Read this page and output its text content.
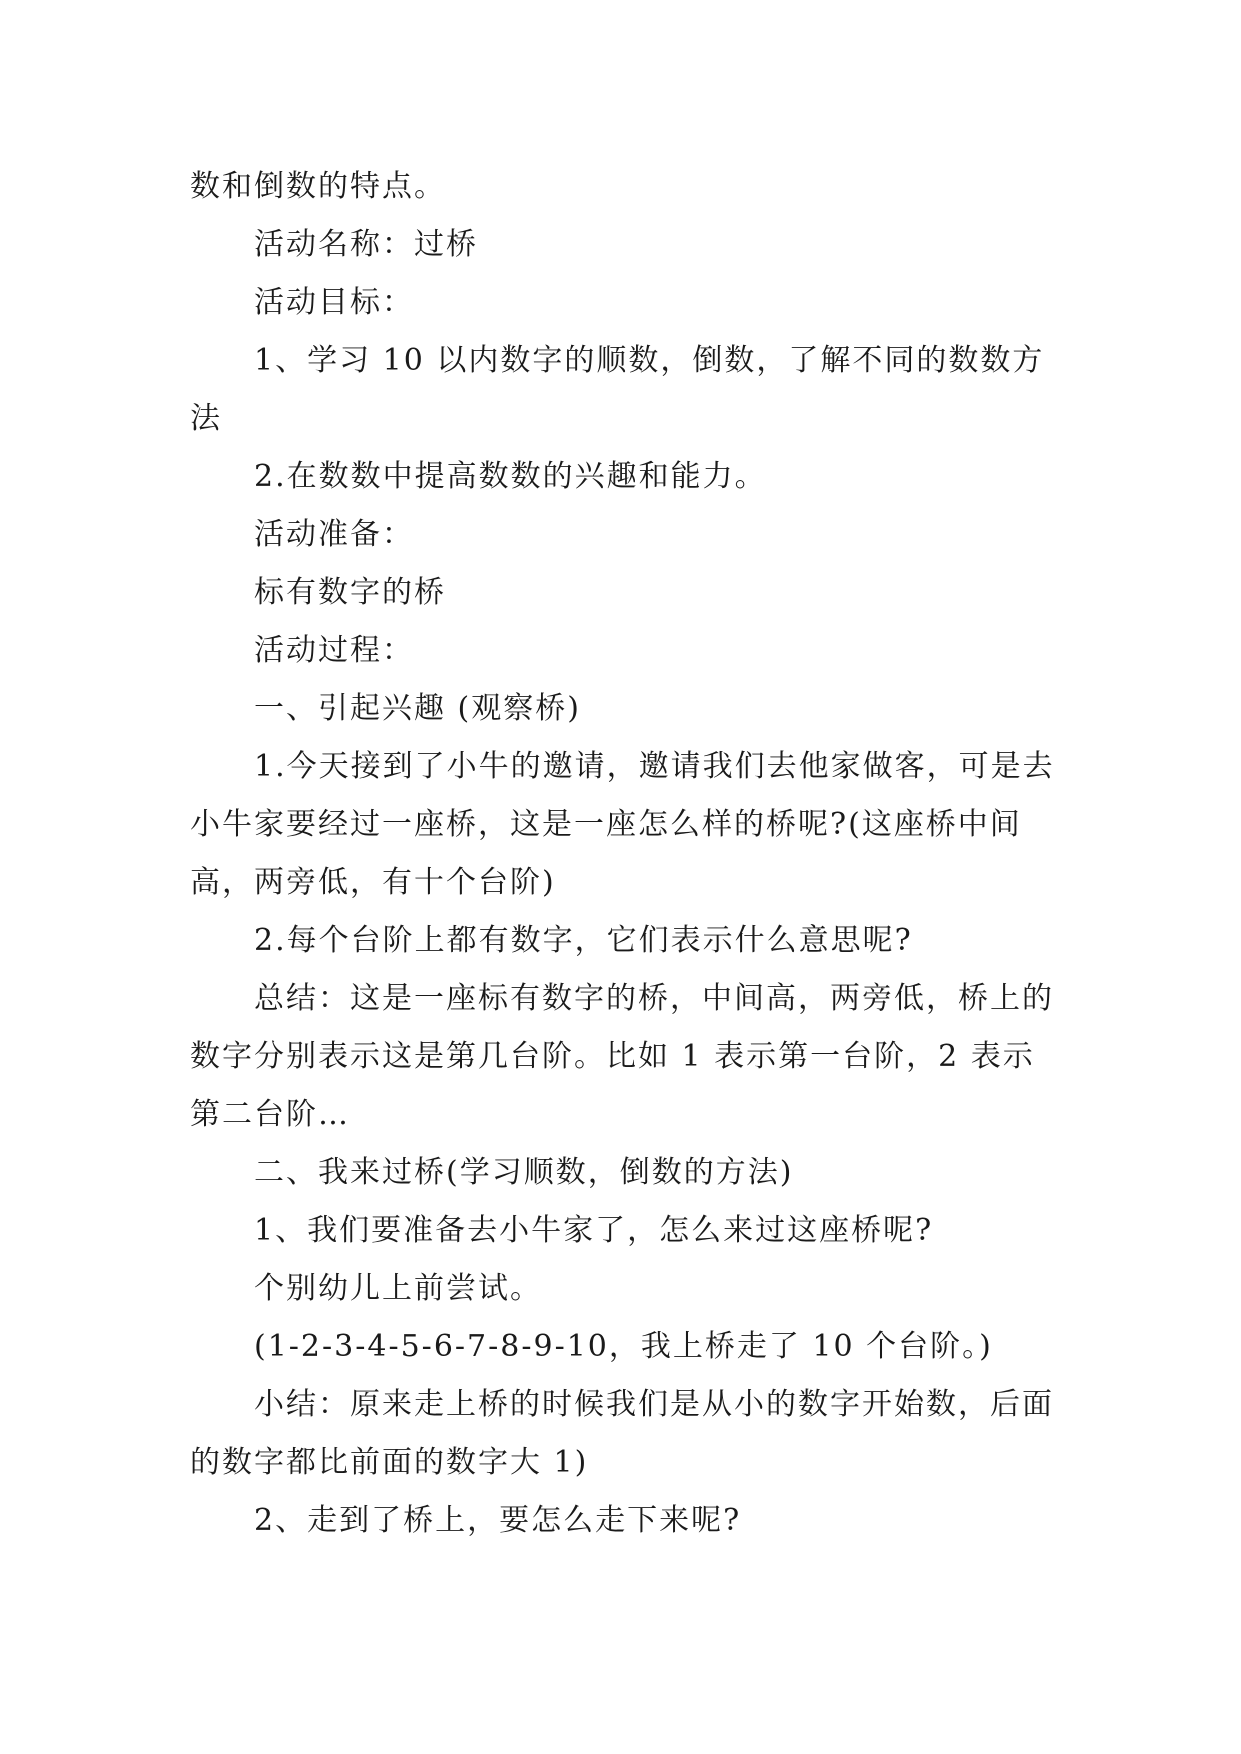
数和倒数的特点。

活动名称：过桥

活动目标：

1、学习 10 以内数字的顺数，倒数，了解不同的数数方法

2.在数数中提高数数的兴趣和能力。

活动准备：

标有数字的桥

活动过程：

一、引起兴趣 (观察桥)

1.今天接到了小牛的邀请，邀请我们去他家做客，可是去小牛家要经过一座桥，这是一座怎么样的桥呢?(这座桥中间高，两旁低，有十个台阶)

2.每个台阶上都有数字，它们表示什么意思呢?

总结：这是一座标有数字的桥，中间高，两旁低，桥上的数字分别表示这是第几台阶。比如 1 表示第一台阶，2 表示第二台阶…

二、我来过桥(学习顺数，倒数的方法)

1、我们要准备去小牛家了，怎么来过这座桥呢?

个别幼儿上前尝试。

(1-2-3-4-5-6-7-8-9-10，我上桥走了 10 个台阶。)

小结：原来走上桥的时候我们是从小的数字开始数，后面的数字都比前面的数字大 1)

2、走到了桥上，要怎么走下来呢?
